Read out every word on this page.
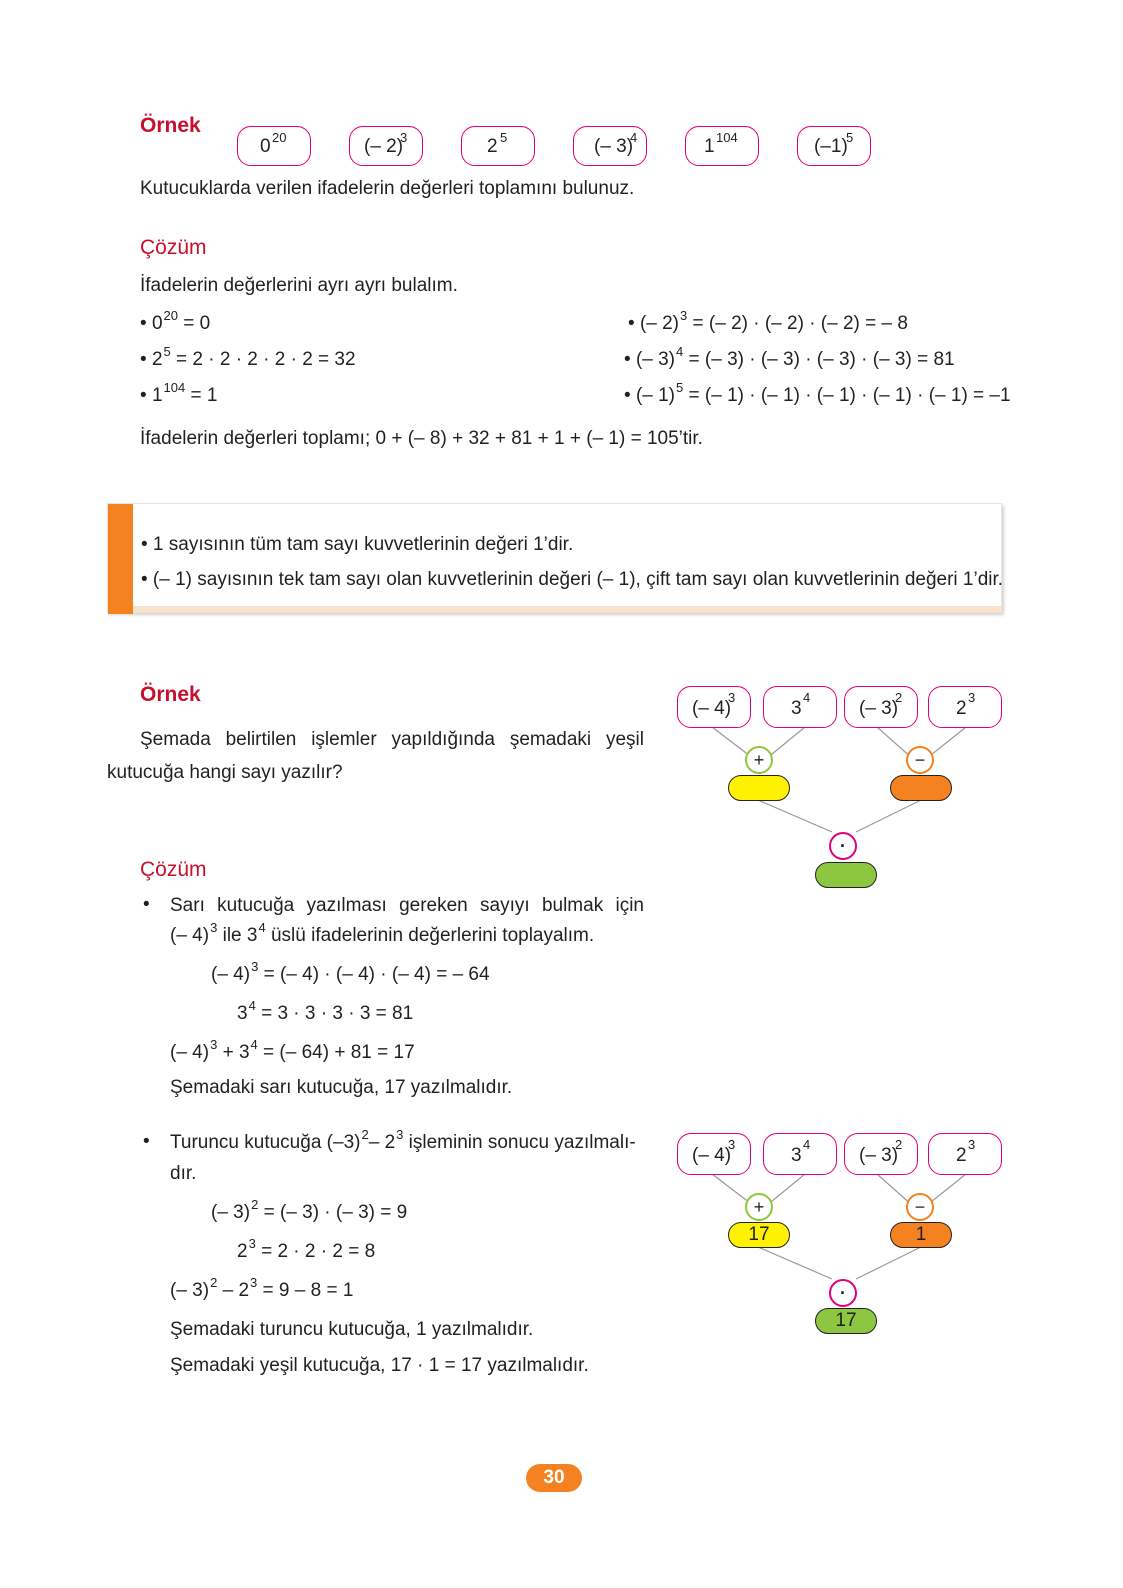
Örnek
0 20	(– 2)
3	2 5	(– 3)
4	1 104	(–1)
5
Kutucuklarda verilen ifadelerin değerleri toplamını bulunuz.
Çözüm
İfadelerin değerlerini ayrı ayrı bulalım.
• $0^{20} = 0$
• $2^5 = 2 \cdot 2 \cdot 2 \cdot 2 \cdot 2 = 32$
• $1^{104} = 1$
• (– 2)$^3$ = (– 2) · (– 2) · (– 2) = – 8
• (– 3)$^4$ = (– 3) · (– 3) · (– 3) · (– 3) = 81
• (– 1)$^5$ = (– 1) · (– 1) · (– 1) · (– 1) · (– 1) = –1
İfadelerin değerleri toplamı; 0 + (– 8) + 32 + 81 + 1 + (– 1) = 105’tir.
• 1 sayısının tüm tam sayı kuvvetlerinin değeri 1’dir.
• (– 1) sayısının tek tam sayı olan kuvvetlerinin değeri (– 1), çift tam sayı olan kuvvetlerinin değeri 1’dir.
Örnek
Şemada belirtilen işlemler yapıldığında şemadaki yeşil
kutucuğa hangi sayı yazılır?
(– 4)
3
3
4
(– 3)
2
2
3
+	−
·
Çözüm
• Sarı kutucuğa yazılması gereken sayıyı bulmak için
(– 4)$^3$ ile $3^4$ üslü ifadelerinin değerlerini toplayalım.
(– 4)$^3$ = (– 4) · (– 4) · (– 4) = – 64
$3^4 = 3 \cdot 3 \cdot 3 \cdot 3 = 81$
(– $4)^3 + 3^4$ = (– 64) + 81 = 17
Şemadaki sarı kutucuğa, 17 yazılmalıdır.
• Turuncu kutucuğa $(-3)^2-$ $2^3$ işleminin sonucu yazılmalı-
dır.
(– 3)$^2$ = (– 3) · (– 3) = 9
$2^3 = 2 \cdot 2 \cdot 2 = 8$
(– $3)^2 - 2^3 = 9 - 8 = 1$
Şemadaki turuncu kutucuğa, 1 yazılmalıdır.
Şemadaki yeşil kutucuğa, 17 · 1 = 17 yazılmalıdır.
(– 4)
3
3
4
(– 3)
2
2
3
+	−
17	1
·
17
30
